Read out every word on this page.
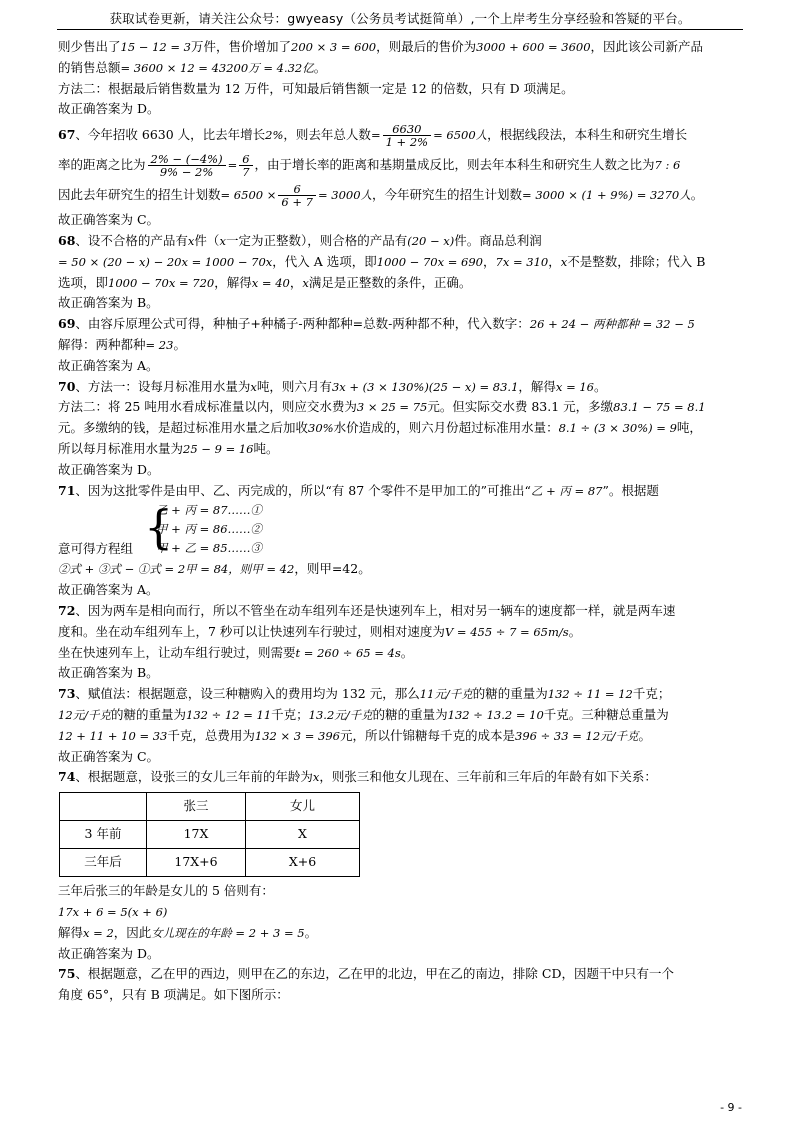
获取试卷更新，请关注公众号：gwyeasy（公务员考试挺简单）,一个上岸考生分享经验和答疑的平台。
则少售出了15 − 12 = 3万件，售价增加了200 × 3 = 600，则最后的售价为3000 + 600 = 3600，因此该公司新产品
的销售总额= 3600 × 12 = 43200万 = 4.32亿。
方法二：根据最后销售数量为 12 万件，可知最后销售额一定是 12 的倍数，只有 D 项满足。
故正确答案为 D。
67、今年招收 6630 人，比去年增长2%，则去年总人数= $\frac{6630}{1 + 2\%} = 6500$人，根据线段法，本科生和研究生增长
率的距离之比为 $\frac{2\% - (-4\%)}{9\% - 2\%} = \frac{6}{7}$ ，由于增长率的距离和基期量成反比，则去年本科生和研究生人数之比为7 : 6
因此去年研究生的招生计划数= $6500 \times \frac{6}{6 + 7} = 3000$人，今年研究生的招生计划数= 3000 × (1 + 9%) = 3270人。
故正确答案为 C。
68、设不合格的产品有x件（x一定为正整数），则合格的产品有(20 − x)件。商品总利润
= 50 × (20 − x) − 20x = 1000 − 70x，代入 A 选项，即1000 − 70x = 690，7x = 310，x不是整数，排除；代入 B
选项，即1000 − 70x = 720，解得x = 40，x满足是正整数的条件，正确。
故正确答案为 B。
69、由容斥原理公式可得，种柚子+种橘子-两种都种=总数-两种都不种，代入数字：26 + 24 − 两种都种 = 32 − 5
解得：两种都种= 23。
故正确答案为 A。
70、方法一：设每月标准用水量为x吨，则六月有3x + (3 × 130%)(25 − x) = 83.1，解得x = 16。
方法二：将 25 吨用水看成标准量以内，则应交水费为3 × 25 = 75元。但实际交水费 83.1 元，多缴83.1 − 75 = 8.1
元。多缴纳的钱，是超过标准用水量之后加收30%水价造成的，则六月份超过标准用水量：8.1 ÷ (3 × 30%) = 9吨，
所以每月标准用水量为25 − 9 = 16吨。
故正确答案为 D。
71、因为这批零件是由甲、乙、丙完成的，所以“有 87 个零件不是甲加工的”可推出“乙 + 丙 = 87”。根据题
意可得方程组 {
乙 + 丙 = 87……①
甲 + 丙 = 86……②
甲 + 乙 = 85……③
②式 + ③式 − ①式 = 2甲 = 84，则甲 = 42，则甲=42。
故正确答案为 A。
72、因为两车是相向而行，所以不管坐在动车组列车还是快速列车上，相对另一辆车的速度都一样，就是两车速
度和。坐在动车组列车上，7 秒可以让快速列车行驶过，则相对速度为V = 455 ÷ 7 = 65m/s。
坐在快速列车上，让动车组行驶过，则需要t = 260 ÷ 65 = 4s。
故正确答案为 B。
73、赋值法：根据题意，设三种糖购入的费用均为 132 元，那么11元/千克的糖的重量为132 ÷ 11 = 12千克；
12元/千克的糖的重量为132 ÷ 12 = 11千克；13.2元/千克的糖的重量为132 ÷ 13.2 = 10千克。三种糖总重量为
12 + 11 + 10 = 33千克，总费用为132 × 3 = 396元，所以什锦糖每千克的成本是396 ÷ 33 = 12元/千克。
故正确答案为 C。
74、根据题意，设张三的女儿三年前的年龄为x，则张三和他女儿现在、三年前和三年后的年龄有如下关系：
	张三	女儿
3 年前	17X	X
三年后	17X+6	X+6
三年后张三的年龄是女儿的 5 倍则有：
17x + 6 = 5(x + 6)
解得x = 2，因此女儿现在的年龄 = 2 + 3 = 5。
故正确答案为 D。
75、根据题意，乙在甲的西边，则甲在乙的东边，乙在甲的北边，甲在乙的南边，排除 CD，因题干中只有一个
角度 65°，只有 B 项满足。如下图所示：
- 9 -
